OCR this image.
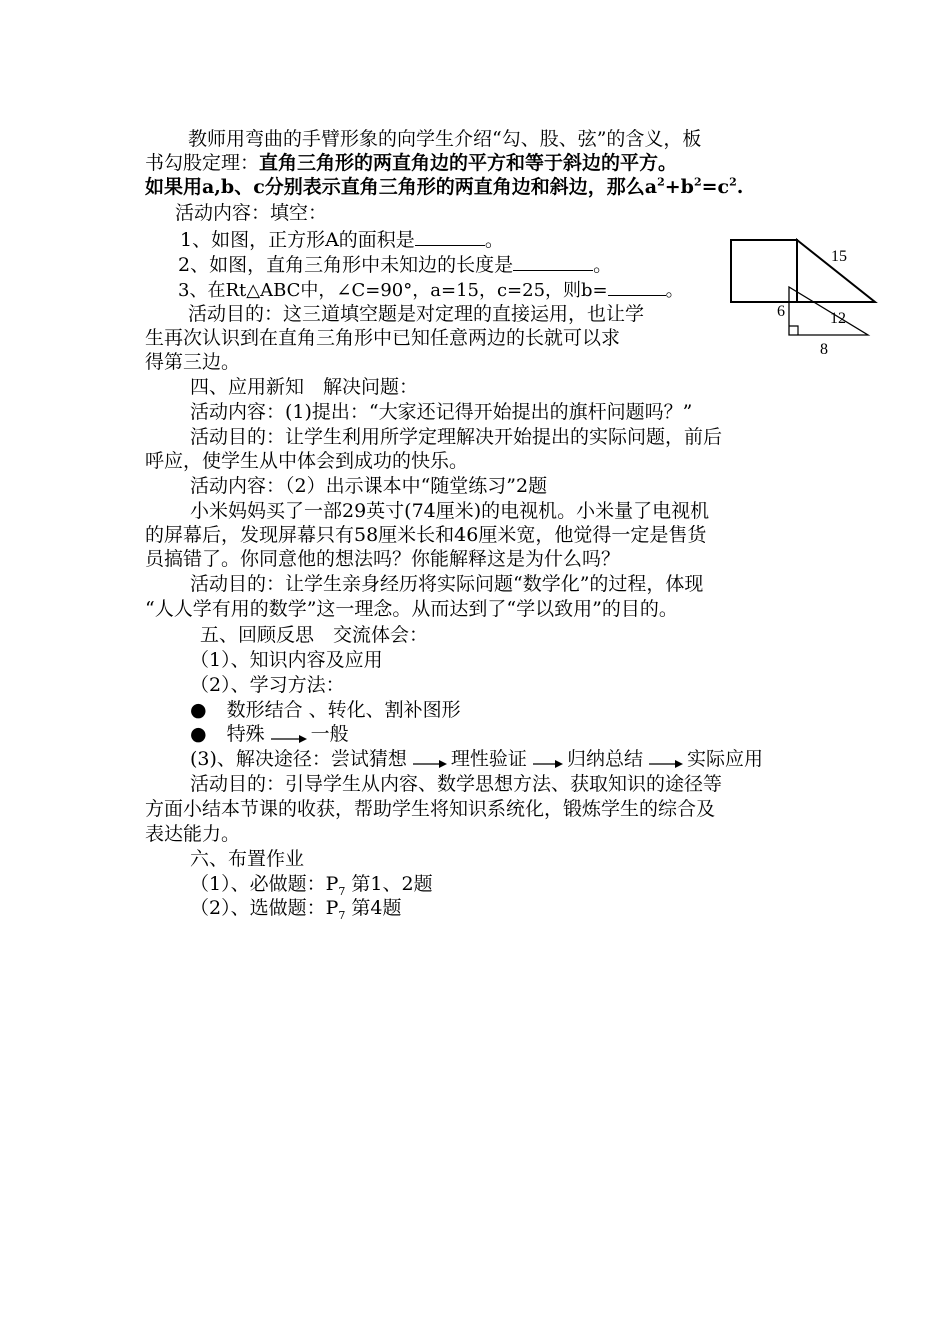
教师用弯曲的手臂形象的向学生介绍“勾、股、弦”的含义，板
书勾股定理：直角三角形的两直角边的平方和等于斜边的平方。
如果用a,b、c分别表示直角三角形的两直角边和斜边，那么$a^2+b^2=c^2$.
活动内容：填空：
1、如图，正方形A的面积是	。
2、如图，直角三角形中未知边的长度是	。
3、在Rt△ABC中，∠C=90°，a=15，c=25，则b=	。
活动目的：这三道填空题是对定理的直接运用，也让学
生再次认识到在直角三角形中已知任意两边的长就可以求
得第三边。
15
6	12
8
四、应用新知　解决问题：
活动内容：(1)提出：“大家还记得开始提出的旗杆问题吗？”
活动目的：让学生利用所学定理解决开始提出的实际问题，前后
呼应，使学生从中体会到成功的快乐。
活动内容：（2）出示课本中“随堂练习”2题
小米妈妈买了一部29英寸(74厘米)的电视机。小米量了电视机
的屏幕后，发现屏幕只有58厘米长和46厘米宽，他觉得一定是售货
员搞错了。你同意他的想法吗？你能解释这是为什么吗？
活动目的：让学生亲身经历将实际问题“数学化”的过程，体现
“人人学有用的数学”这一理念。从而达到了“学以致用”的目的。
五、回顾反思　交流体会：
（1）、知识内容及应用
（2）、学习方法：
● 数形结合 、转化、割补图形
● 特殊 一般
(3)、解决途径：尝试猜想 理性验证 归纳总结 实际应用
活动目的：引导学生从内容、数学思想方法、获取知识的途径等
方面小结本节课的收获，帮助学生将知识系统化，锻炼学生的综合及
表达能力。
六、布置作业
（1）、必做题：$P_7$ 第1、2题
（2）、选做题：$P_7$ 第4题
